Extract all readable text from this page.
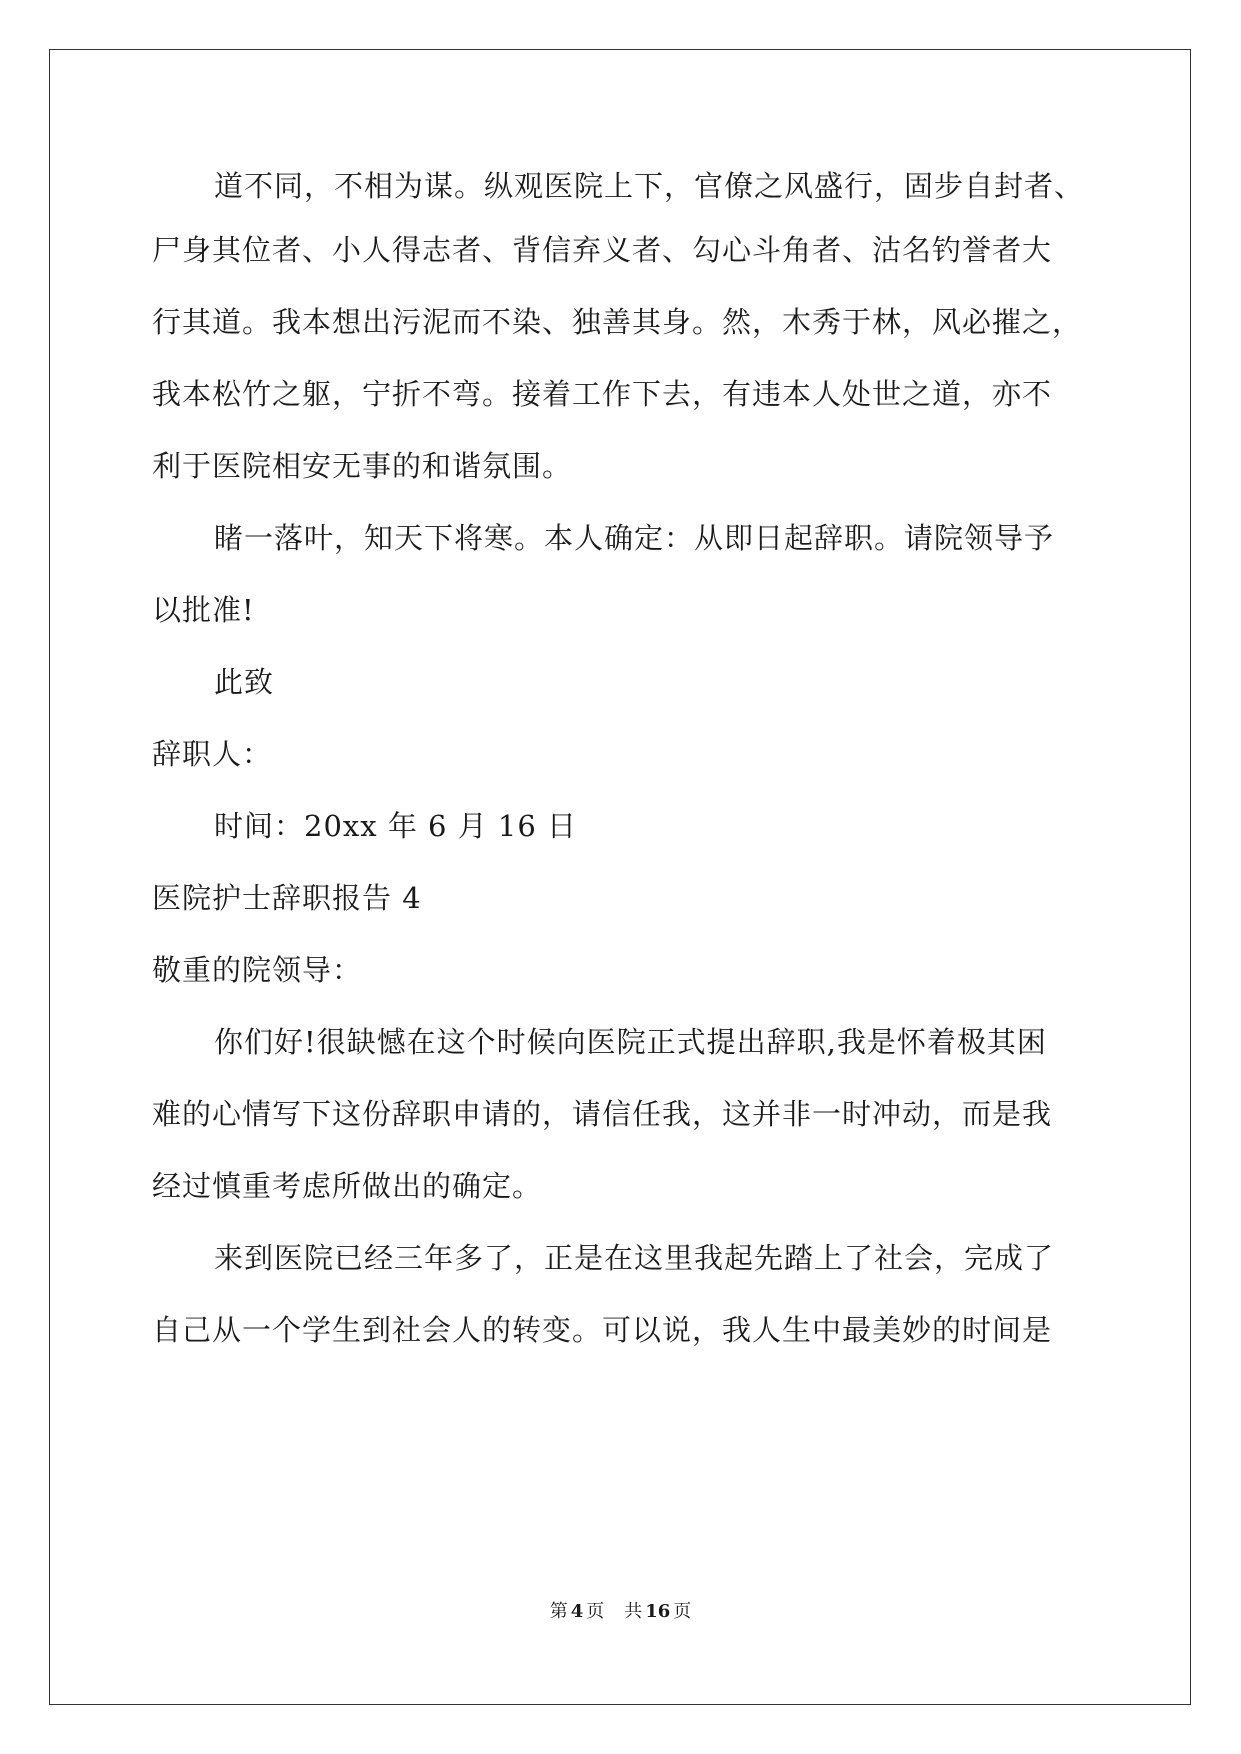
道不同，不相为谋。纵观医院上下，官僚之风盛行，固步自封者、
尸身其位者、小人得志者、背信弃义者、勾心斗角者、沽名钓誉者大
行其道。我本想出污泥而不染、独善其身。然，木秀于林，风必摧之，
我本松竹之躯，宁折不弯。接着工作下去，有违本人处世之道，亦不
利于医院相安无事的和谐氛围。
睹一落叶，知天下将寒。本人确定：从即日起辞职。请院领导予
以批准!
此致
辞职人：
时间：20xx 年 6 月 16 日
医院护士辞职报告 4
敬重的院领导：
你们好!很缺憾在这个时候向医院正式提出辞职,我是怀着极其困
难的心情写下这份辞职申请的，请信任我，这并非一时冲动，而是我
经过慎重考虑所做出的确定。
来到医院已经三年多了，正是在这里我起先踏上了社会，完成了
自己从一个学生到社会人的转变。可以说，我人生中最美妙的时间是
第 4 页 共 16 页
